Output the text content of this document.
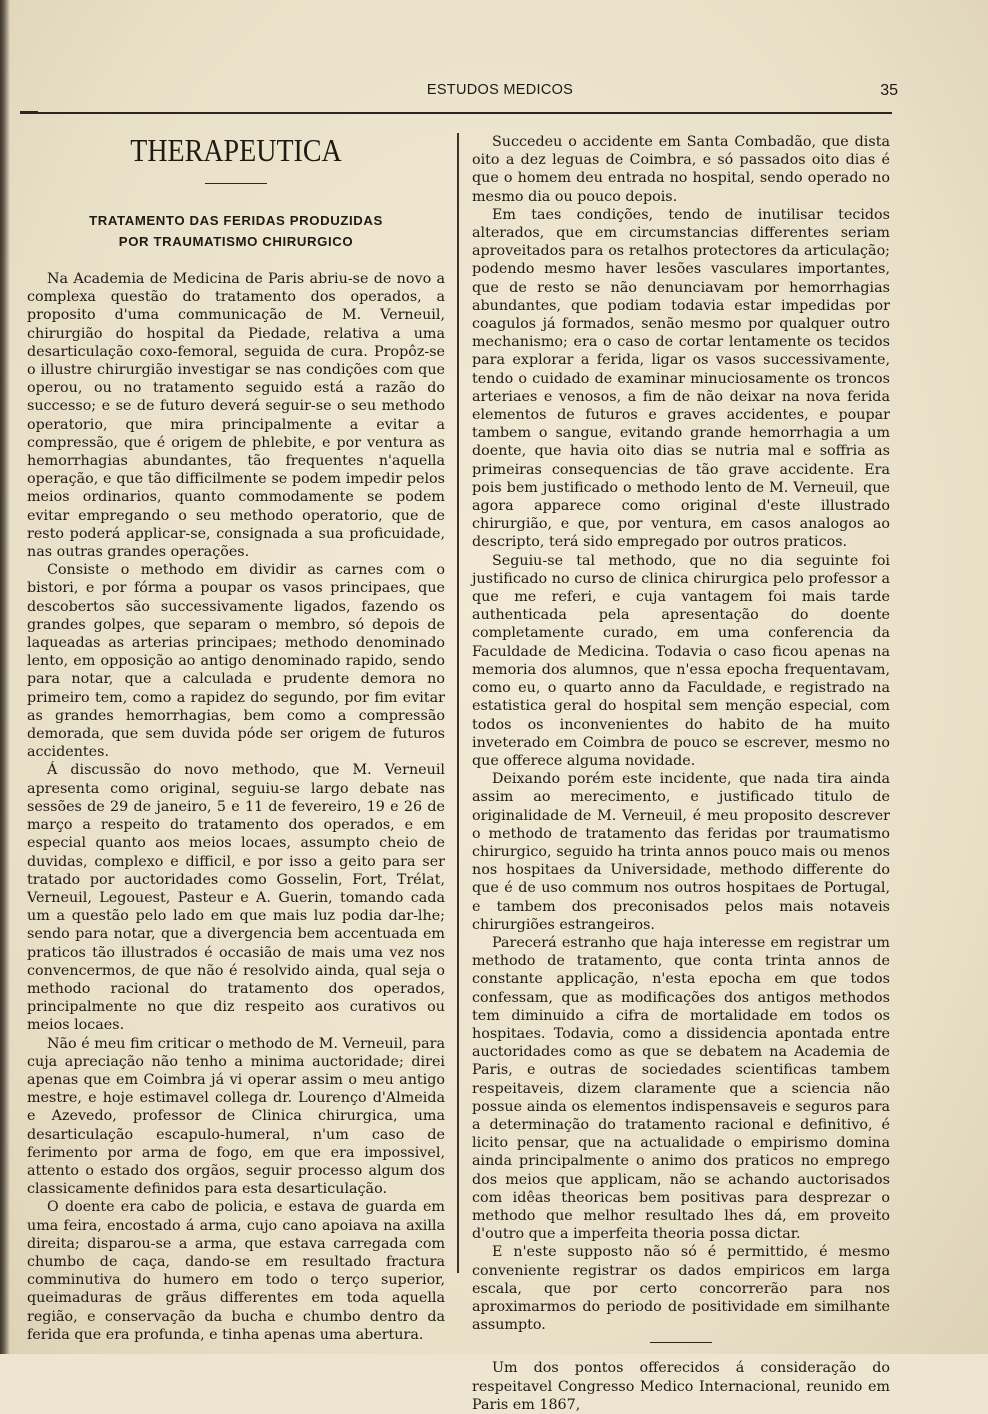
ESTUDOS MEDICOS	35
THERAPEUTICA
TRATAMENTO DAS FERIDAS PRODUZIDAS
POR TRAUMATISMO CHIRURGICO

Na Academia de Medicina de Paris abriu-se de novo a complexa questão do tratamento dos operados, a proposito d'uma communicação de M. Verneuil, chirurgião do hospital da Piedade, relativa a uma desarticulação coxo-femoral, seguida de cura. Propôz-se o illustre chirurgião investigar se nas condições com que operou, ou no tratamento seguido está a razão do successo; e se de futuro deverá seguir-se o seu methodo operatorio, que mira principalmente a evitar a compressão, que é origem de phlebite, e por ventura as hemorrhagias abundantes, tão frequentes n'aquella operação, e que tão difficilmente se podem impedir pelos meios ordinarios, quanto commodamente se podem evitar empregando o seu methodo operatorio, que de resto poderá applicar-se, consignada a sua proficuidade, nas outras grandes operações.

Consiste o methodo em dividir as carnes com o bistori, e por fórma a poupar os vasos principaes, que descobertos são successivamente ligados, fazendo os grandes golpes, que separam o membro, só depois de laqueadas as arterias principaes; methodo denominado lento, em opposição ao antigo denominado rapido, sendo para notar, que a calculada e prudente demora no primeiro tem, como a rapidez do segundo, por fim evitar as grandes hemorrhagias, bem como a compressão demorada, que sem duvida póde ser origem de futuros accidentes.

Á discussão do novo methodo, que M. Verneuil apresenta como original, seguiu-se largo debate nas sessões de 29 de janeiro, 5 e 11 de fevereiro, 19 e 26 de março a respeito do tratamento dos operados, e em especial quanto aos meios locaes, assumpto cheio de duvidas, complexo e difficil, e por isso a geito para ser tratado por auctoridades como Gosselin, Fort, Trélat, Verneuil, Legouest, Pasteur e A. Guerin, tomando cada um a questão pelo lado em que mais luz podia dar-lhe; sendo para notar, que a divergencia bem accentuada em praticos tão illustrados é occasião de mais uma vez nos convencermos, de que não é resolvido ainda, qual seja o methodo racional do tratamento dos operados, principalmente no que diz respeito aos curativos ou meios locaes.

Não é meu fim criticar o methodo de M. Verneuil, para cuja apreciação não tenho a minima auctoridade; direi apenas que em Coimbra já vi operar assim o meu antigo mestre, e hoje estimavel collega dr. Lourenço d'Almeida e Azevedo, professor de Clinica chirurgica, uma desarticulação escapulo-humeral, n'um caso de ferimento por arma de fogo, em que era impossivel, attento o estado dos orgãos, seguir processo algum dos classicamente definidos para esta desarticulação.

O doente era cabo de policia, e estava de guarda em uma feira, encostado á arma, cujo cano apoiava na axilla direita; disparou-se a arma, que estava carregada com chumbo de caça, dando-se em resultado fractura comminutiva do humero em todo o terço superior, queimaduras de grãus differentes em toda aquella região, e conservação da bucha e chumbo dentro da ferida que era profunda, e tinha apenas uma abertura.

Succedeu o accidente em Santa Combadão, que dista oito a dez leguas de Coimbra, e só passados oito dias é que o homem deu entrada no hospital, sendo operado no mesmo dia ou pouco depois.

Em taes condições, tendo de inutilisar tecidos alterados, que em circumstancias differentes seriam aproveitados para os retalhos protectores da articulação; podendo mesmo haver lesões vasculares importantes, que de resto se não denunciavam por hemorrhagias abundantes, que podiam todavia estar impedidas por coagulos já formados, senão mesmo por qualquer outro mechanismo; era o caso de cortar lentamente os tecidos para explorar a ferida, ligar os vasos successivamente, tendo o cuidado de examinar minuciosamente os troncos arteriaes e venosos, a fim de não deixar na nova ferida elementos de futuros e graves accidentes, e poupar tambem o sangue, evitando grande hemorrhagia a um doente, que havia oito dias se nutria mal e soffria as primeiras consequencias de tão grave accidente. Era pois bem justificado o methodo lento de M. Verneuil, que agora apparece como original d'este illustrado chirurgião, e que, por ventura, em casos analogos ao descripto, terá sido empregado por outros praticos.

Seguiu-se tal methodo, que no dia seguinte foi justificado no curso de clinica chirurgica pelo professor a que me referi, e cuja vantagem foi mais tarde authenticada pela apresentação do doente completamente curado, em uma conferencia da Faculdade de Medicina. Todavia o caso ficou apenas na memoria dos alumnos, que n'essa epocha frequentavam, como eu, o quarto anno da Faculdade, e registrado na estatistica geral do hospital sem menção especial, com todos os inconvenientes do habito de ha muito inveterado em Coimbra de pouco se escrever, mesmo no que offerece alguma novidade.

Deixando porém este incidente, que nada tira ainda assim ao merecimento, e justificado titulo de originalidade de M. Verneuil, é meu proposito descrever o methodo de tratamento das feridas por traumatismo chirurgico, seguido ha trinta annos pouco mais ou menos nos hospitaes da Universidade, methodo differente do que é de uso commum nos outros hospitaes de Portugal, e tambem dos preconisados pelos mais notaveis chirurgiões estrangeiros.

Parecerá estranho que haja interesse em registrar um methodo de tratamento, que conta trinta annos de constante applicação, n'esta epocha em que todos confessam, que as modificações dos antigos methodos tem diminuido a cifra de mortalidade em todos os hospitaes. Todavia, como a dissidencia apontada entre auctoridades como as que se debatem na Academia de Paris, e outras de sociedades scientificas tambem respeitaveis, dizem claramente que a sciencia não possue ainda os elementos indispensaveis e seguros para a determinação do tratamento racional e definitivo, é licito pensar, que na actualidade o empirismo domina ainda principalmente o animo dos praticos no emprego dos meios que applicam, não se achando auctorisados com idêas theoricas bem positivas para desprezar o methodo que melhor resultado lhes dá, em proveito d'outro que a imperfeita theoria possa dictar.

E n'este supposto não só é permittido, é mesmo conveniente registrar os dados empiricos em larga escala, que por certo concorrerão para nos aproximarmos do periodo de positividade em similhante assumpto.

Um dos pontos offerecidos á consideração do respeitavel Congresso Medico Internacional, reunido em Paris em 1867,
